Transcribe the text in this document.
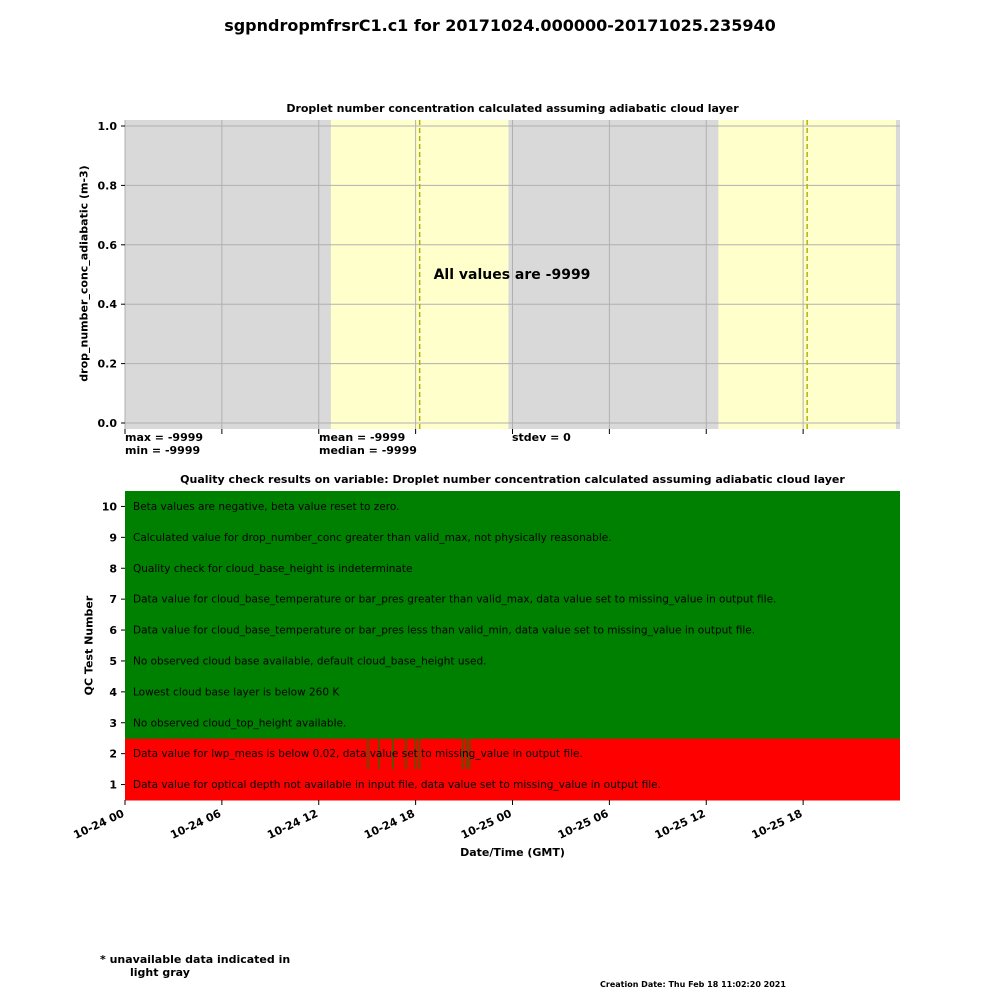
sgpndropmfrsrC1.c1 for 20171024.000000-20171025.235940
Droplet number concentration calculated assuming adiabatic cloud layer
drop_number_conc_adiabatic (m-3)
0.0
0.2
0.4
0.6
0.8
1.0
All values are -9999
max = -9999
min = -9999
mean = -9999
median = -9999
stdev = 0
Quality check results on variable: Droplet number concentration calculated assuming adiabatic cloud layer
QC Test Number
1 Data value for optical depth not available in input file, data value set to missing_value in output file.
2 Data value for lwp_meas is below 0.02, data value set to missing_value in output file.
3 No observed cloud_top_height available.
4 Lowest cloud base layer is below 260 K
5 No observed cloud base available, default cloud_base_height used.
6 Data value for cloud_base_temperature or bar_pres less than valid_min, data value set to missing_value in output file.
7 Data value for cloud_base_temperature or bar_pres greater than valid_max, data value set to missing_value in output file.
8 Quality check for cloud_base_height is indeterminate
9 Calculated value for drop_number_conc greater than valid_max, not physically reasonable.
10 Beta values are negative, beta value reset to zero.
10-24 00	10-24 06	10-24 12	10-24 18	10-25 00	10-25 06	10-25 12	10-25 18
Date/Time (GMT)
* unavailable data indicated in
light gray
Creation Date: Thu Feb 18 11:02:20 2021
